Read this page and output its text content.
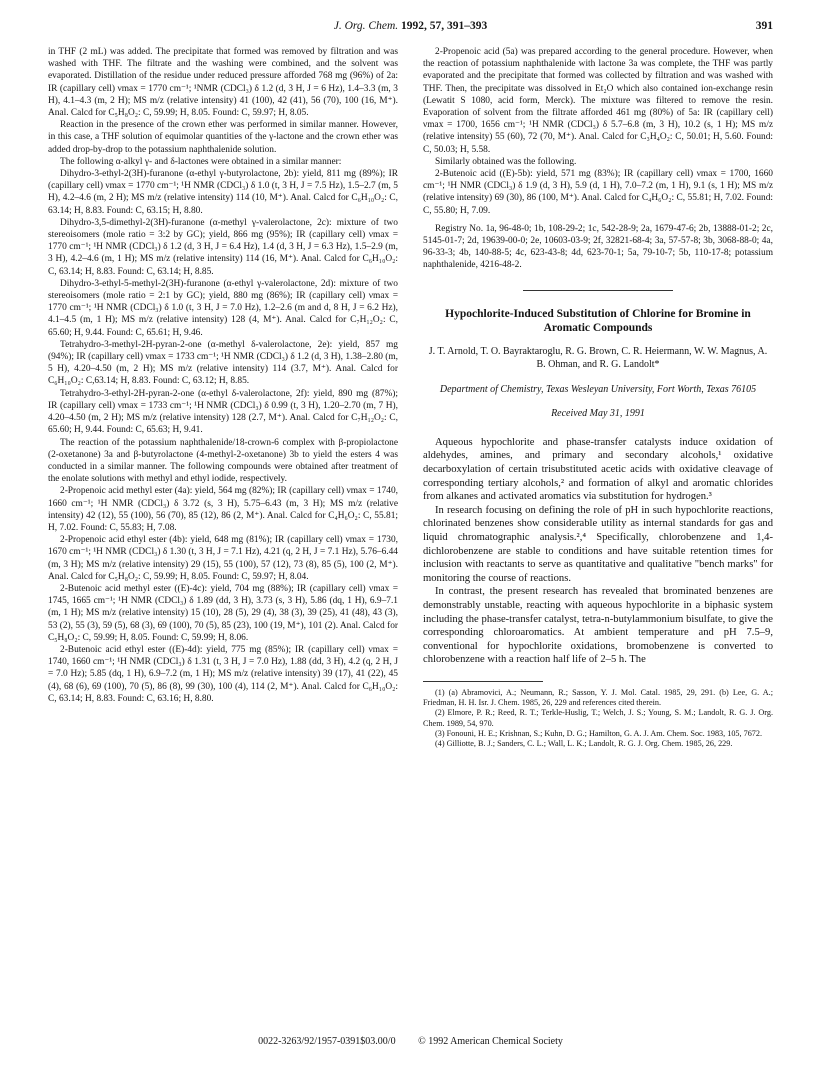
J. Org. Chem. 1992, 57, 391–393	391

in THF (2 mL) was added. The precipitate that formed was removed by filtration and was washed with THF. The filtrate and the washing were combined, and the solvent was evaporated. Distillation of the residue under reduced pressure afforded 768 mg (96%) of 2a: IR (capillary cell) νmax = 1770 cm⁻¹; ¹NMR (CDCl₃) δ 1.2 (d, 3 H, J = 6 Hz), 1.4–3.3 (m, 3 H), 4.1–4.3 (m, 2 H); MS m/z (relative intensity) 41 (100), 42 (41), 56 (70), 100 (16, M⁺). Anal. Calcd for C₅H₈O₂: C, 59.99; H, 8.05. Found: C, 59.97; H, 8.05.

Reaction in the presence of the crown ether was performed in similar manner. However, in this case, a THF solution of equimolar quantities of the γ-lactone and the crown ether was added drop-by-drop to the potassium naphthalenide solution.

The following α-alkyl γ- and δ-lactones were obtained in a similar manner:

Dihydro-3-ethyl-2(3H)-furanone (α-ethyl γ-butyrolactone, 2b): yield, 811 mg (89%); IR (capillary cell) νmax = 1770 cm⁻¹; ¹H NMR (CDCl₃) δ 1.0 (t, 3 H, J = 7.5 Hz), 1.5–2.7 (m, 5 H), 4.2–4.6 (m, 2 H); MS m/z (relative intensity) 114 (10, M⁺). Anal. Calcd for C₆H₁₀O₂: C, 63.14; H, 8.83. Found: C, 63.15; H, 8.80.

Dihydro-3,5-dimethyl-2(3H)-furanone (α-methyl γ-valerolactone, 2c): mixture of two stereoisomers (mole ratio = 3:2 by GC); yield, 866 mg (95%); IR (capillary cell) νmax = 1770 cm⁻¹; ¹H NMR (CDCl₃) δ 1.2 (d, 3 H, J = 6.4 Hz), 1.4 (d, 3 H, J = 6.3 Hz), 1.5–2.9 (m, 3 H), 4.2–4.6 (m, 1 H); MS m/z (relative intensity) 114 (16, M⁺). Anal. Calcd for C₆H₁₀O₂: C, 63.14; H, 8.83. Found: C, 63.14; H, 8.85.

Dihydro-3-ethyl-5-methyl-2(3H)-furanone (α-ethyl γ-valerolactone, 2d): mixture of two stereoisomers (mole ratio = 2:1 by GC); yield, 880 mg (86%); IR (capillary cell) νmax = 1770 cm⁻¹; ¹H NMR (CDCl₃) δ 1.0 (t, 3 H, J = 7.0 Hz), 1.2–2.6 (m and d, 8 H, J = 6.2 Hz), 4.1–4.5 (m, 1 H); MS m/z (relative intensity) 128 (4, M⁺). Anal. Calcd for C₇H₁₂O₂: C, 65.60; H, 9.44. Found: C, 65.61; H, 9.46.

Tetrahydro-3-methyl-2H-pyran-2-one (α-methyl δ-valerolactone, 2e): yield, 857 mg (94%); IR (capillary cell) νmax = 1733 cm⁻¹; ¹H NMR (CDCl₃) δ 1.2 (d, 3 H), 1.38–2.80 (m, 5 H), 4.20–4.50 (m, 2 H); MS m/z (relative intensity) 114 (3.7, M⁺). Anal. Calcd for C₆H₁₀O₂: C,63.14; H, 8.83. Found: C, 63.12; H, 8.85.

Tetrahydro-3-ethyl-2H-pyran-2-one (α-ethyl δ-valerolactone, 2f): yield, 890 mg (87%); IR (capillary cell) νmax = 1733 cm⁻¹; ¹H NMR (CDCl₃) δ 0.99 (t, 3 H), 1.20–2.70 (m, 7 H), 4.20–4.50 (m, 2 H); MS m/z (relative intensity) 128 (2.7, M⁺). Anal. Calcd for C₇H₁₂O₂: C, 65.60; H, 9.44. Found: C, 65.63; H, 9.41.

The reaction of the potassium naphthalenide/18-crown-6 complex with β-propiolactone (2-oxetanone) 3a and β-butyrolactone (4-methyl-2-oxetanone) 3b to yield the esters 4 was conducted in a similar manner. The following compounds were obtained after treatment of the enolate solutions with methyl and ethyl iodide, respectively.

2-Propenoic acid methyl ester (4a): yield, 564 mg (82%); IR (capillary cell) νmax = 1740, 1660 cm⁻¹; ¹H NMR (CDCl₃) δ 3.72 (s, 3 H), 5.75–6.43 (m, 3 H); MS m/z (relative intensity) 42 (12), 55 (100), 56 (70), 85 (12), 86 (2, M⁺). Anal. Calcd for C₄H₆O₂: C, 55.81; H, 7.02. Found: C, 55.83; H, 7.08.

2-Propenoic acid ethyl ester (4b): yield, 648 mg (81%); IR (capillary cell) νmax = 1730, 1670 cm⁻¹; ¹H NMR (CDCl₃) δ 1.30 (t, 3 H, J = 7.1 Hz), 4.21 (q, 2 H, J = 7.1 Hz), 5.76–6.44 (m, 3 H); MS m/z (relative intensity) 29 (15), 55 (100), 57 (12), 73 (8), 85 (5), 100 (2, M⁺). Anal. Calcd for C₅H₈O₂: C, 59.99; H, 8.05. Found: C, 59.97; H, 8.04.

2-Butenoic acid methyl ester ((E)-4c): yield, 704 mg (88%); IR (capillary cell) νmax = 1745, 1665 cm⁻¹; ¹H NMR (CDCl₃) δ 1.89 (dd, 3 H), 3.73 (s, 3 H), 5.86 (dq, 1 H), 6.9–7.1 (m, 1 H); MS m/z (relative intensity) 15 (10), 28 (5), 29 (4), 38 (3), 39 (25), 41 (48), 43 (3), 53 (2), 55 (3), 59 (5), 68 (3), 69 (100), 70 (5), 85 (23), 100 (19, M⁺), 101 (2). Anal. Calcd for C₅H₈O₂: C, 59.99; H, 8.05. Found: C, 59.99; H, 8.06.

2-Butenoic acid ethyl ester ((E)-4d): yield, 775 mg (85%); IR (capillary cell) νmax = 1740, 1660 cm⁻¹; ¹H NMR (CDCl₃) δ 1.31 (t, 3 H, J = 7.0 Hz), 1.88 (dd, 3 H), 4.2 (q, 2 H, J = 7.0 Hz); 5.85 (dq, 1 H), 6.9–7.2 (m, 1 H); MS m/z (relative intensity) 39 (17), 41 (22), 45 (4), 68 (6), 69 (100), 70 (5), 86 (8), 99 (30), 100 (4), 114 (2, M⁺). Anal. Calcd for C₆H₁₀O₂: C, 63.14; H, 8.83. Found: C, 63.16; H, 8.80.

2-Propenoic acid (5a) was prepared according to the general procedure. However, when the reaction of potassium naphthalenide with lactone 3a was complete, the THF was partly evaporated and the precipitate that formed was collected by filtration and was washed with THF. Then, the precipitate was dissolved in Et₂O which also contained ion-exchange resin (Lewatit S 1080, acid form, Merck). The mixture was filtered to remove the resin. Evaporation of solvent from the filtrate afforded 461 mg (80%) of 5a: IR (capillary cell) νmax = 1700, 1656 cm⁻¹; ¹H NMR (CDCl₃) δ 5.7–6.8 (m, 3 H), 10.2 (s, 1 H); MS m/z (relative intensity) 55 (60), 72 (70, M⁺). Anal. Calcd for C₃H₄O₂: C, 50.01; H, 5.60. Found: C, 50.03; H, 5.58.

Similarly obtained was the following.

2-Butenoic acid ((E)-5b): yield, 571 mg (83%); IR (capillary cell) νmax = 1700, 1660 cm⁻¹; ¹H NMR (CDCl₃) δ 1.9 (d, 3 H), 5.9 (d, 1 H), 7.0–7.2 (m, 1 H), 9.1 (s, 1 H); MS m/z (relative intensity) 69 (30), 86 (100, M⁺). Anal. Calcd for C₄H₆O₂: C, 55.81; H, 7.02. Found: C, 55.80; H, 7.09.

Registry No. 1a, 96-48-0; 1b, 108-29-2; 1c, 542-28-9; 2a, 1679-47-6; 2b, 13888-01-2; 2c, 5145-01-7; 2d, 19639-00-0; 2e, 10603-03-9; 2f, 32821-68-4; 3a, 57-57-8; 3b, 3068-88-0; 4a, 96-33-3; 4b, 140-88-5; 4c, 623-43-8; 4d, 623-70-1; 5a, 79-10-7; 5b, 110-17-8; potassium naphthalenide, 4216-48-2.

Hypochlorite-Induced Substitution of Chlorine for Bromine in Aromatic Compounds
J. T. Arnold, T. O. Bayraktaroglu, R. G. Brown, C. R. Heiermann, W. W. Magnus, A. B. Ohman, and R. G. Landolt*
Department of Chemistry, Texas Wesleyan University, Fort Worth, Texas 76105
Received May 31, 1991

Aqueous hypochlorite and phase-transfer catalysts induce oxidation of aldehydes, amines, and primary and secondary alcohols,¹ oxidative decarboxylation of certain trisubstituted acetic acids with oxidative cleavage of corresponding tertiary alcohols,² and formation of alkyl and aromatic chlorides from alkanes and activated aromatics via substitution for hydrogen.³

In research focusing on defining the role of pH in such hypochlorite reactions, chlorinated benzenes show considerable utility as internal standards for gas and liquid chromatographic analysis.²,⁴ Specifically, chlorobenzene and 1,4-dichlorobenzene are stable to conditions and have suitable retention times for inclusion with reactants to serve as quantitative and qualitative "bench marks" for monitoring the course of reactions.

In contrast, the present research has revealed that brominated benzenes are demonstrably unstable, reacting with aqueous hypochlorite in a biphasic system including the phase-transfer catalyst, tetra-n-butylammonium bisulfate, to give the corresponding chloroaromatics. At ambient temperature and pH 7.5–9, conventional for hypochlorite oxidations, bromobenzene is converted to chlorobenzene with a reaction half life of 2–5 h. The

(1) (a) Abramovici, A.; Neumann, R.; Sasson, Y. J. Mol. Catal. 1985, 29, 291. (b) Lee, G. A.; Friedman, H. H. Isr. J. Chem. 1985, 26, 229 and references cited therein.

(2) Elmore, P. R.; Reed, R. T.; Terkle-Huslig, T.; Welch, J. S.; Young, S. M.; Landolt, R. G. J. Org. Chem. 1989, 54, 970.

(3) Fonouni, H. E.; Krishnan, S.; Kuhn, D. G.; Hamilton, G. A. J. Am. Chem. Soc. 1983, 105, 7672.

(4) Gilliotte, B. J.; Sanders, C. L.; Wall, L. K.; Landolt, R. G. J. Org. Chem. 1985, 26, 229.

0022-3263/92/1957-0391$03.00/0 © 1992 American Chemical Society
